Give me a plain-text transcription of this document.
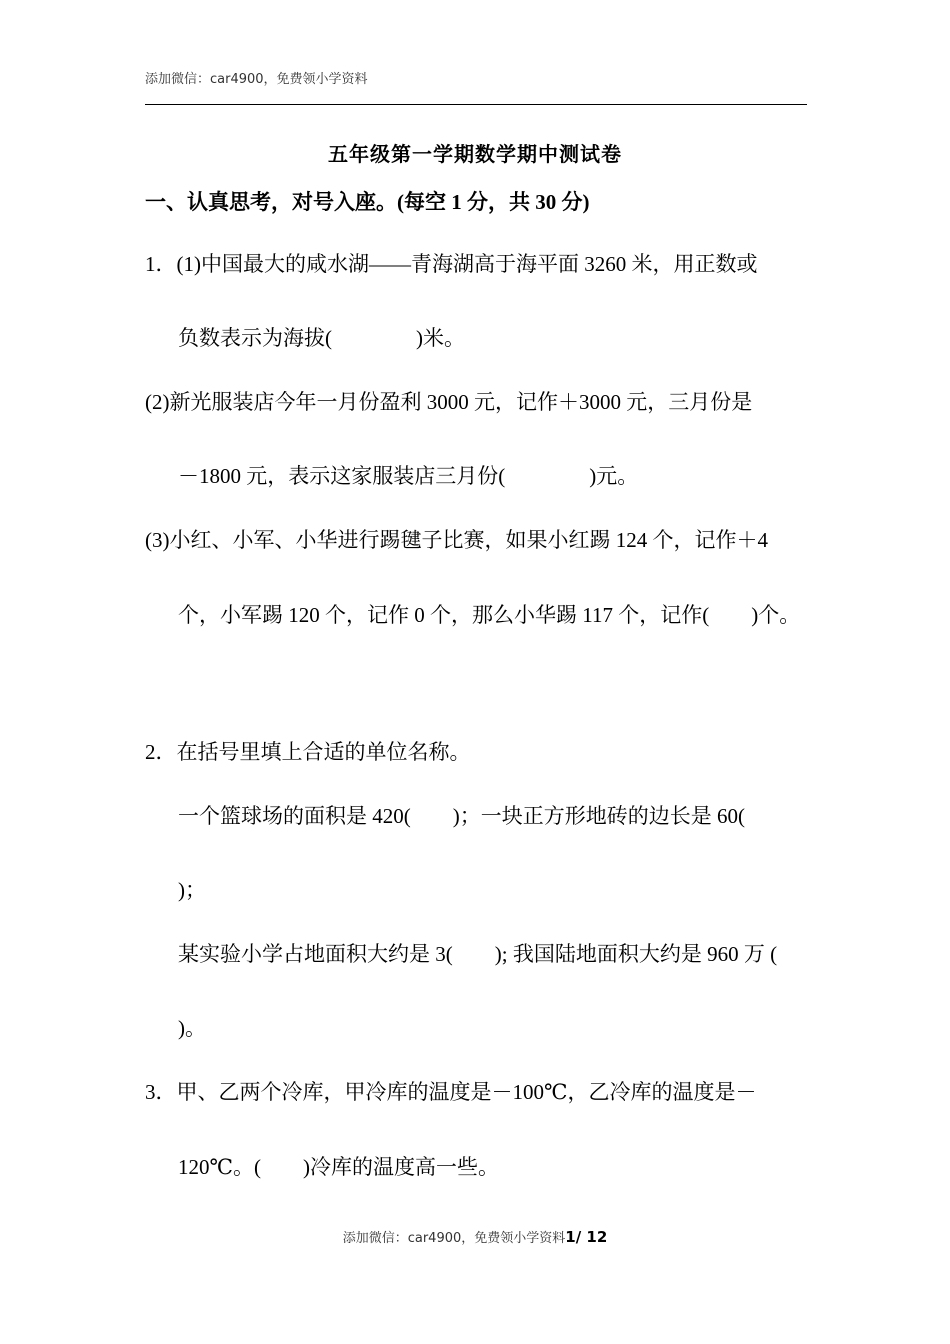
添加微信：car4900，免费领小学资料
五年级第一学期数学期中测试卷
一、认真思考，对号入座。(每空 1 分，共 30 分)
1．(1)中国最大的咸水湖——青海湖高于海平面 3260 米，用正数或
负数表示为海拔(　　　　)米。
(2)新光服装店今年一月份盈利 3000 元，记作＋3000 元，三月份是
－1800 元，表示这家服装店三月份(　　　　)元。
(3)小红、小军、小华进行踢毽子比赛，如果小红踢 124 个，记作＋4
个，小军踢 120 个，记作 0 个，那么小华踢 117 个，记作(　　)个。
2．在括号里填上合适的单位名称。
一个篮球场的面积是 420(　　)；一块正方形地砖的边长是 60(
)；
某实验小学占地面积大约是 3(　　); 我国陆地面积大约是 960 万 (
)。
3．甲、乙两个冷库，甲冷库的温度是－100℃，乙冷库的温度是－
120℃。(　　)冷库的温度高一些。
添加微信：car4900，免费领小学资料1/ 12
